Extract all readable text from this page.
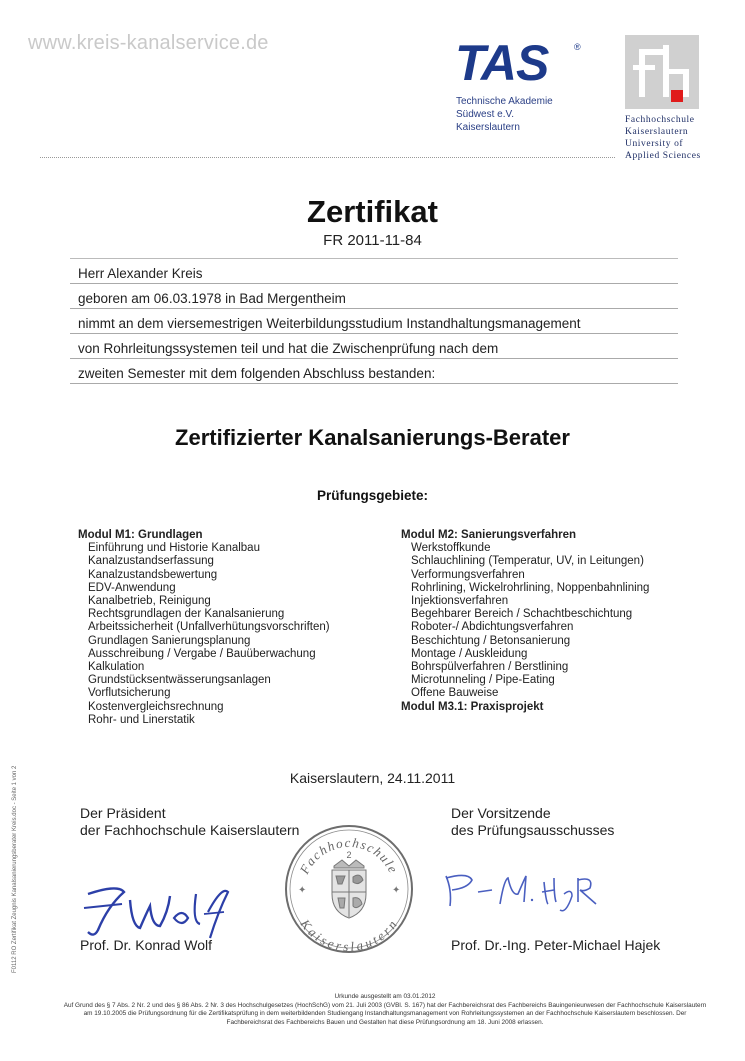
www.kreis-kanalservice.de	TAS	®
Technische Akademie
Südwest e.V.
Kaiserslautern
Fachhochschule
Kaiserslautern
University of
Applied Sciences
Zertifikat
FR 2011-11-84
Herr Alexander Kreis
geboren am 06.03.1978 in Bad Mergentheim
nimmt an dem viersemestrigen Weiterbildungsstudium Instandhaltungsmanagement
von Rohrleitungssystemen teil und hat die Zwischenprüfung nach dem
zweiten Semester mit dem folgenden Abschluss bestanden:
Zertifizierter Kanalsanierungs-Berater
Prüfungsgebiete:
Modul M1: Grundlagen
Einführung und Historie Kanalbau
Kanalzustandserfassung
Kanalzustandsbewertung
EDV-Anwendung
Kanalbetrieb, Reinigung
Rechtsgrundlagen der Kanalsanierung
Arbeitssicherheit (Unfallverhütungsvorschriften)
Grundlagen Sanierungsplanung
Ausschreibung / Vergabe / Bauüberwachung
Kalkulation
Grundstücksentwässerungsanlagen
Vorflutsicherung
Kostenvergleichsrechnung
Rohr- und Linerstatik
Modul M2: Sanierungsverfahren
Werkstoffkunde
Schlauchlining (Temperatur, UV, in Leitungen)
Verformungsverfahren
Rohrlining, Wickelrohrlining, Noppenbahnlining
Injektionsverfahren
Begehbarer Bereich / Schachtbeschichtung
Roboter-/ Abdichtungsverfahren
Beschichtung / Betonsanierung
Montage / Auskleidung
Bohrspülverfahren / Berstlining
Microtunneling / Pipe-Eating
Offene Bauweise
Modul M3.1: Praxisprojekt
Kaiserslautern, 24.11.2011
Der Präsident
der Fachhochschule Kaiserslautern
Der Vorsitzende
des Prüfungsausschusses
Fachhochschule
Kaiserslautern
2
✦	✦
Prof. Dr. Konrad Wolf	Prof. Dr.-Ing. Peter-Michael Hajek
Urkunde ausgestellt am 03.01.2012
Auf Grund des § 7 Abs. 2 Nr. 2 und des § 86 Abs. 2 Nr. 3 des Hochschulgesetzes (HochSchG) vom 21. Juli 2003 (GVBl. S. 167) hat der Fachbereichsrat des Fachbereichs Bauingenieurwesen der Fachhochschule Kaiserslautern am 19.10.2005 die Prüfungsordnung für die Zertifikatsprüfung in dem weiterbildenden Studiengang Instandhaltungsmanagement von Rohrleitungssystemen an der Fachhochschule Kaiserslautern beschlossen. Der Fachbereichsrat des Fachbereichs Bauen und Gestalten hat diese Prüfungsordnung am 18. Juni 2008 erlassen.
F0112 RO Zertifikat Zeugnis Kanalsanierungsberater Kreis.doc - Seite 1 von 2
